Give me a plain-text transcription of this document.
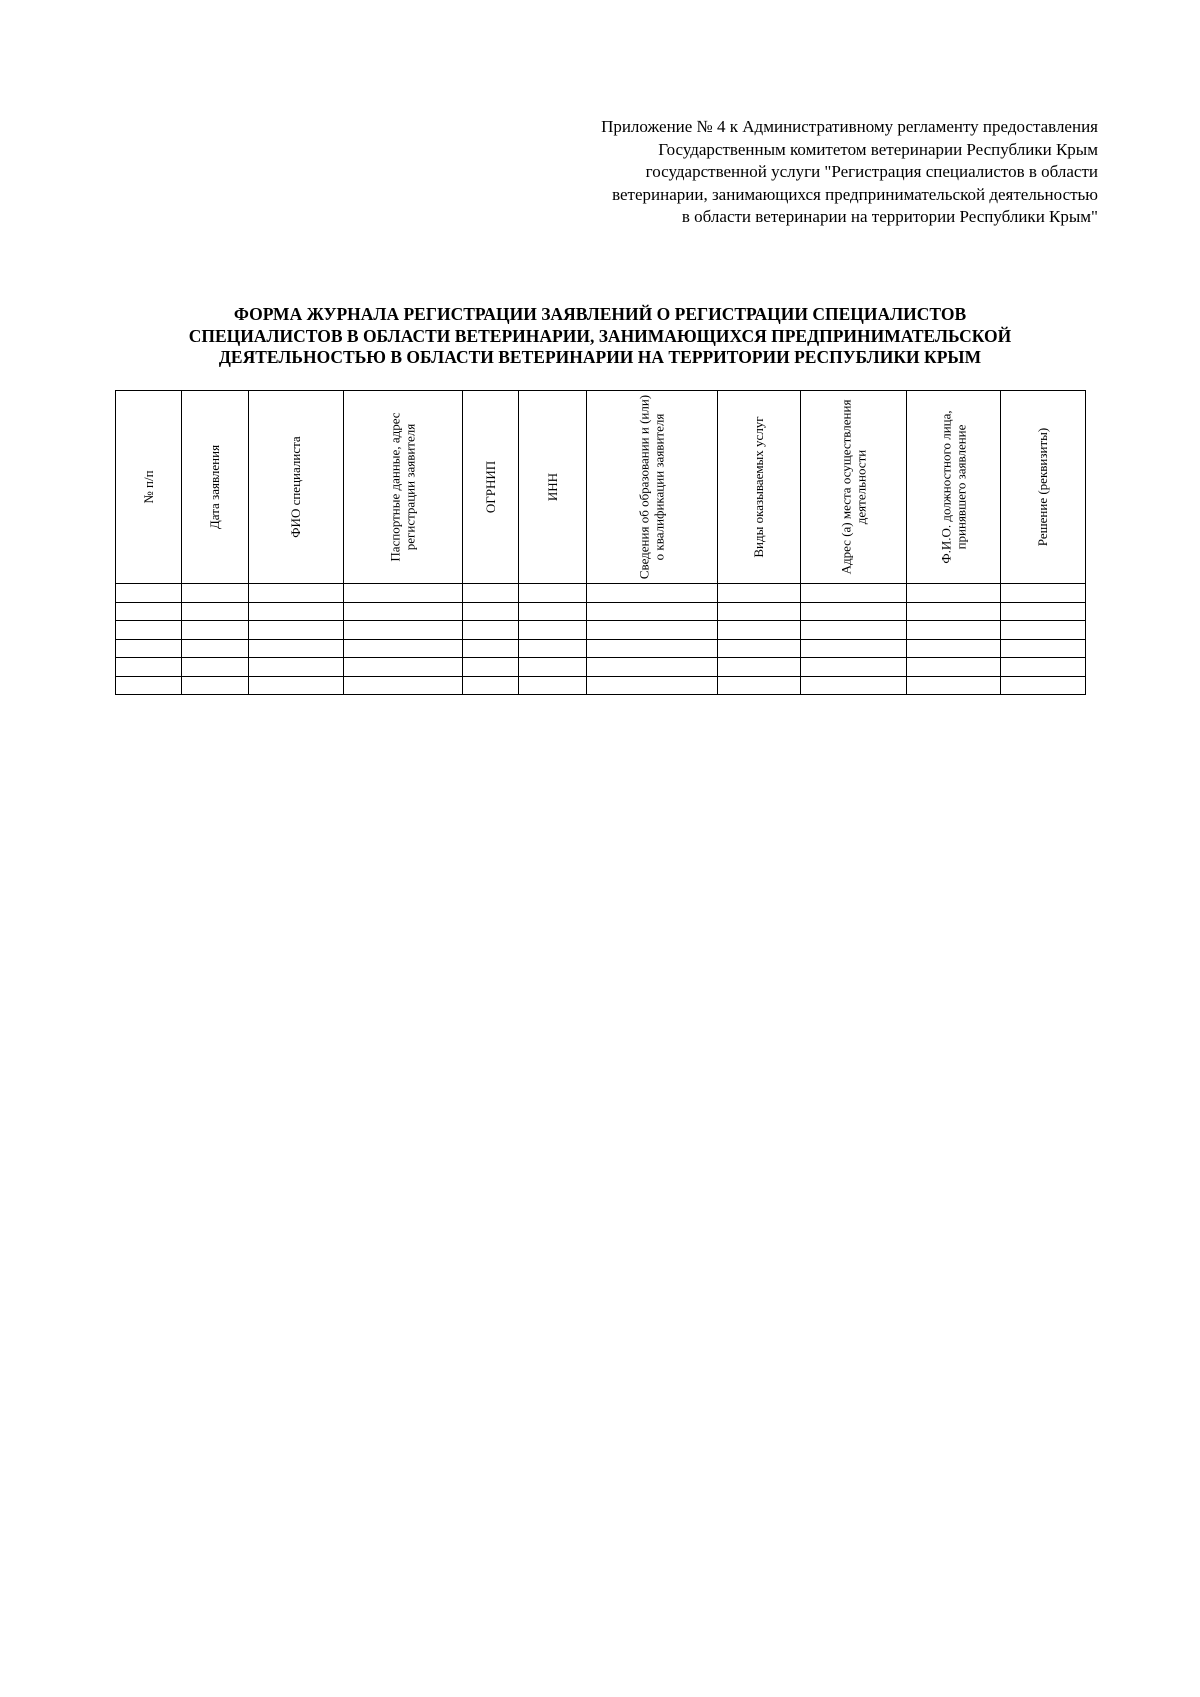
Приложение № 4 к Административному регламенту предоставления
Государственным комитетом ветеринарии Республики Крым
государственной услуги "Регистрация специалистов в области
ветеринарии, занимающихся предпринимательской деятельностью
в области ветеринарии на территории Республики Крым"
ФОРМА ЖУРНАЛА РЕГИСТРАЦИИ ЗАЯВЛЕНИЙ О РЕГИСТРАЦИИ СПЕЦИАЛИСТОВ
СПЕЦИАЛИСТОВ В ОБЛАСТИ ВЕТЕРИНАРИИ, ЗАНИМАЮЩИХСЯ ПРЕДПРИНИМАТЕЛЬСКОЙ
ДЕЯТЕЛЬНОСТЬЮ В ОБЛАСТИ ВЕТЕРИНАРИИ НА ТЕРРИТОРИИ РЕСПУБЛИКИ КРЫМ
№ п/п	Дата заявления	ФИО специалиста	Паспортные данные, адрес регистрации заявителя	ОГРНИП	ИНН	Сведения об образовании и (или) о квалификации заявителя	Виды оказываемых услуг	Адрес (а) места осуществления деятельности	Ф.И.О. должностного лица, принявшего заявление	Решение (реквизиты)
